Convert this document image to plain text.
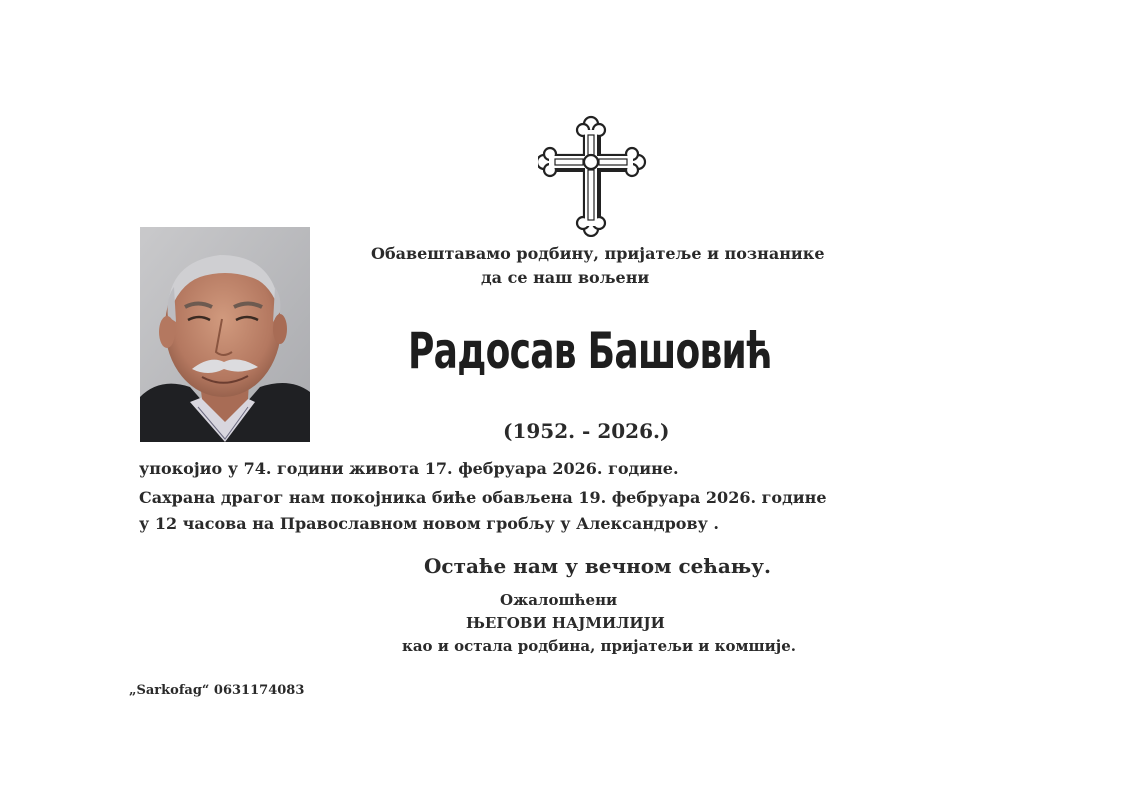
Обавештавамо родбину, пријатеље и познанике
да се наш вољени
Радосав Башовић
(1952. - 2026.)
упокојио у 74. години живота 17. фебруара 2026. године.
Сахрана драгог нам покојника биће обављена 19. фебруара 2026. године
у 12 часова на Православном новом гробљу у Александрову .
Остаће нам у вечном сећању.
Ожалошћени
ЊЕГОВИ НАЈМИЛИЈИ
као и остала родбина, пријатељи и комшије.
„Sarkofag“ 0631174083
